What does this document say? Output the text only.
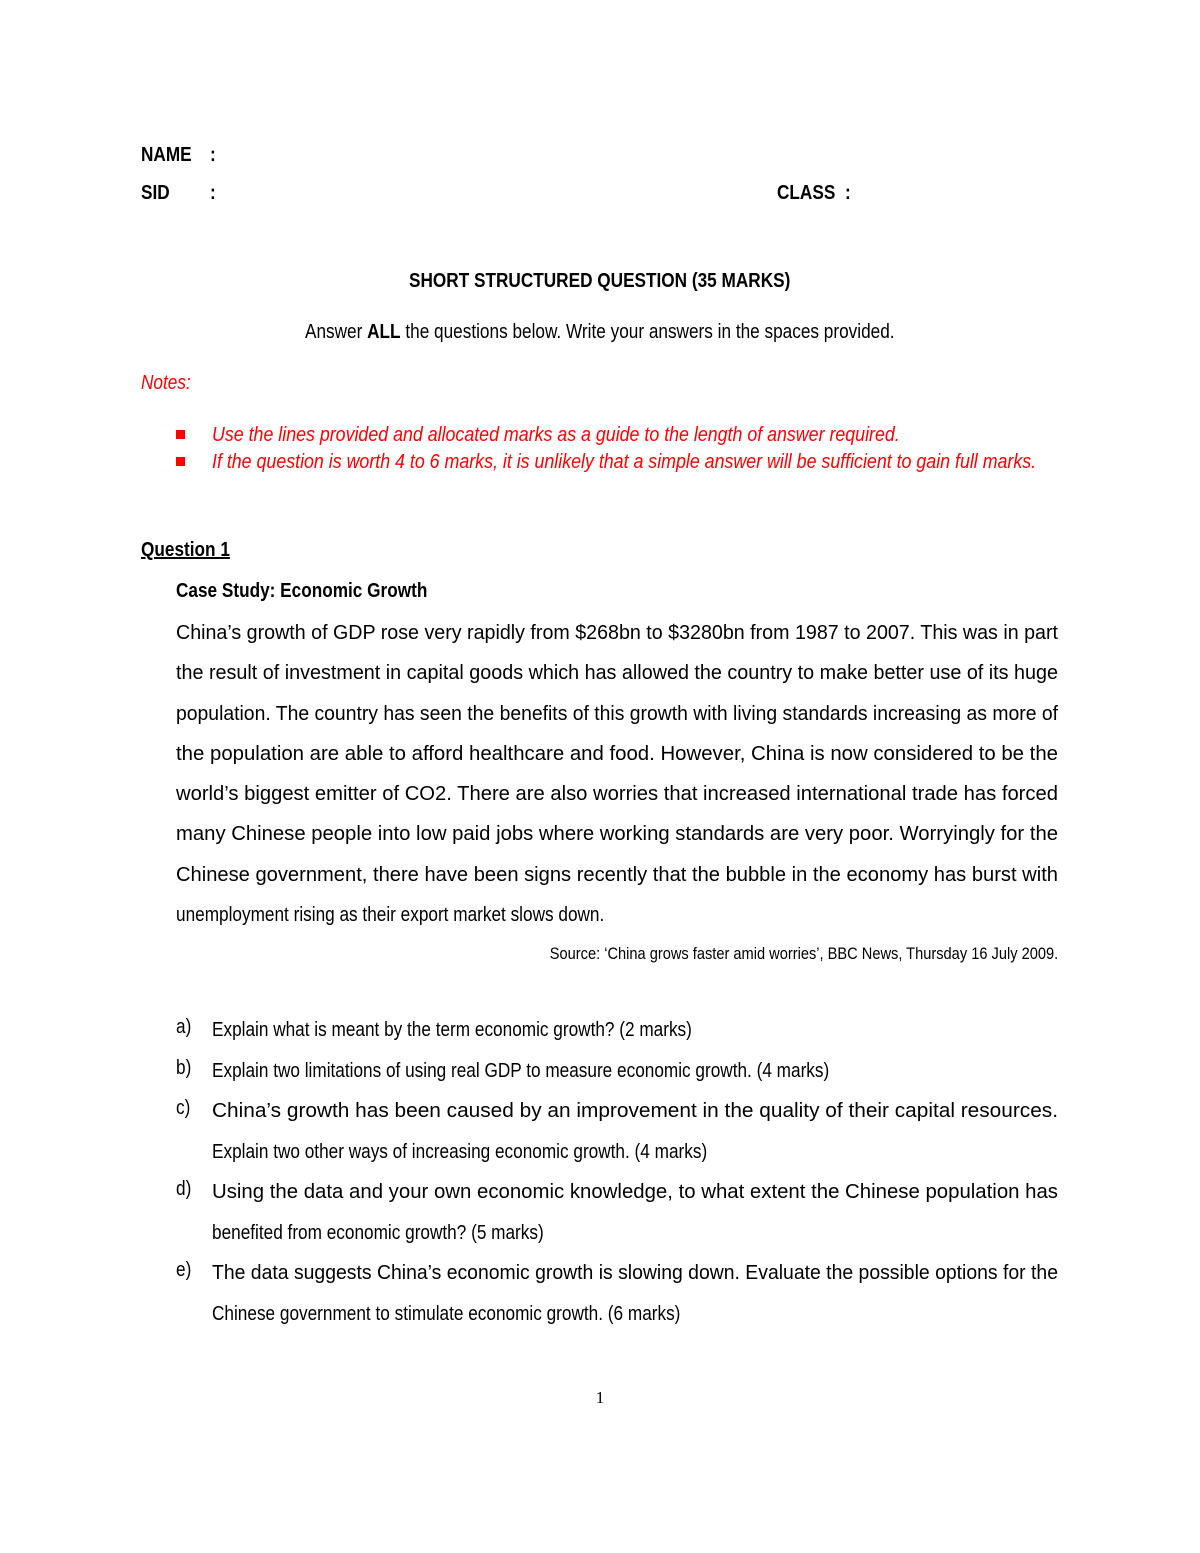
NAME :
SID :	CLASS :
SHORT STRUCTURED QUESTION (35 MARKS)
Answer ALL the questions below. Write your answers in the spaces provided.
Notes:
Use the lines provided and allocated marks as a guide to the length of answer required.
If the question is worth 4 to 6 marks, it is unlikely that a simple answer will be sufficient to gain full marks.
Question 1
Case Study: Economic Growth
China’s growth of GDP rose very rapidly from $268bn to $3280bn from 1987 to 2007. This was in part
the result of investment in capital goods which has allowed the country to make better use of its huge
population. The country has seen the benefits of this growth with living standards increasing as more of
the population are able to afford healthcare and food. However, China is now considered to be the
world’s biggest emitter of CO2. There are also worries that increased international trade has forced
many Chinese people into low paid jobs where working standards are very poor. Worryingly for the
Chinese government, there have been signs recently that the bubble in the economy has burst with
unemployment rising as their export market slows down.
Source: ‘China grows faster amid worries’, BBC News, Thursday 16 July 2009.
a) Explain what is meant by the term economic growth? (2 marks)
b) Explain two limitations of using real GDP to measure economic growth. (4 marks)
c) China’s growth has been caused by an improvement in the quality of their capital resources.
Explain two other ways of increasing economic growth. (4 marks)
d) Using the data and your own economic knowledge, to what extent the Chinese population has
benefited from economic growth? (5 marks)
e) The data suggests China’s economic growth is slowing down. Evaluate the possible options for the
Chinese government to stimulate economic growth. (6 marks)
1
